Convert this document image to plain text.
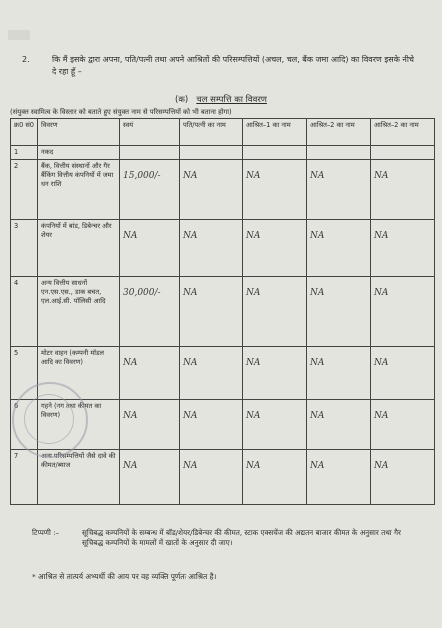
2.	कि मैं इसके द्वारा अपना, पति/पत्नी तथा अपने आश्रितों की परिसम्पत्तियों (अचल, चल, बैंक जमा आदि) का विवरण इसके नीचे दे रहा हूँ –
(क) चल सम्पत्ति का विवरण
(संयुक्त स्वामित्व के विस्तार को बताते हुए संयुक्त नाम से परिसम्पत्तियों को भी बताना होगा)
क्र0 सं0	विवरण	स्वयं	पति/पत्नी का नाम	आश्रित–1 का नाम	आश्रित–2 का नाम	आश्रित–2 का नाम
1	नकद					
2	बैंक, वित्तीय संस्थानों और गैर बैंकिंग वित्तीय कंपनियों में जमा धन राशि	15,000/-	NA	NA	NA	NA

3	कंपनियों में बांड, डिबेन्चर और शेयर	NA	NA	NA	NA	NA

4	अन्य वित्तीय साधनों एन.एस.एस., डाक बचत, एल.आई.सी. पॉलिसी आदि	30,000/-	NA	NA	NA	NA

5	मोटर वाहन (कम्पनी मॉडल आदि का विवरण)	NA	NA	NA	NA	NA

6	गहने (नग तथा कीमत का विवरण)	NA	NA	NA	NA	NA

7	अन्य परिसम्पत्तियों जैसे दावे की कीमत/ब्याज	NA	NA	NA	NA	NA
टिप्पणी :–	सूचिबद्ध कम्पनियों के सम्बन्ध में बॉड/शेयर/डिबेन्चर की कीमत, स्टाक एक्सचेंज की अद्यतन बाजार कीमत के अनुसार तथा गैर सूचिबद्ध कम्पनियों के मामलों में खातों के अनुसार दी जाए।
* आश्रित से तात्पर्य अभ्यर्थी की आय पर वह व्यक्ति पूर्णतः आश्रित है।
